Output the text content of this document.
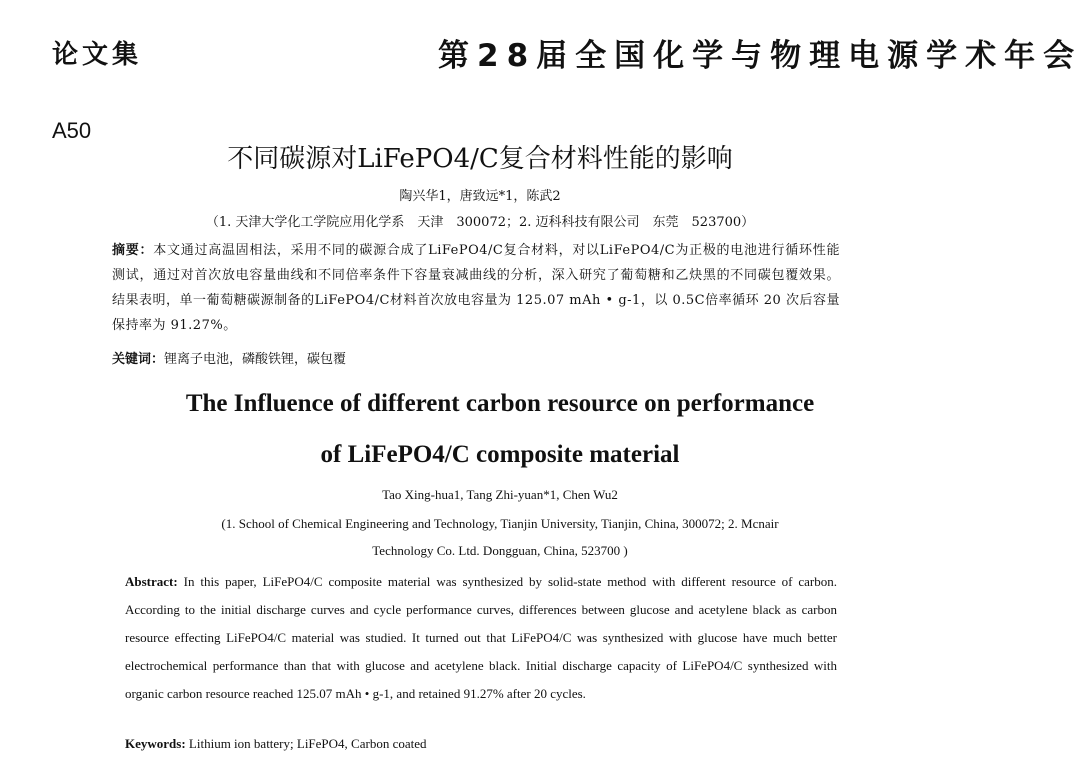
论文集	第28届全国化学与物理电源学术年会
A50
不同碳源对LiFePO4/C复合材料性能的影响
陶兴华1，唐致远*1，陈武2
（1. 天津大学化工学院应用化学系　天津　300072；2. 迈科科技有限公司　东莞　523700）
摘要：本文通过高温固相法，采用不同的碳源合成了LiFePO4/C复合材料，对以LiFePO4/C为正极的电池进行循环性能测试，通过对首次放电容量曲线和不同倍率条件下容量衰减曲线的分析，深入研究了葡萄糖和乙炔黑的不同碳包覆效果。结果表明，单一葡萄糖碳源制备的LiFePO4/C材料首次放电容量为 125.07 mAh • g-1，以 0.5C倍率循环 20 次后容量保持率为 91.27%。
关键词：锂离子电池，磷酸铁锂，碳包覆
The Influence of different carbon resource on performance
of LiFePO4/C composite material
Tao Xing-hua1, Tang Zhi-yuan*1, Chen Wu2
(1. School of Chemical Engineering and Technology, Tianjin University, Tianjin, China, 300072; 2. Mcnair
Technology Co. Ltd. Dongguan, China, 523700 )
Abstract: In this paper, LiFePO4/C composite material was synthesized by solid-state method with different resource of carbon. According to the initial discharge curves and cycle performance curves, differences between glucose and acetylene black as carbon resource effecting LiFePO4/C material was studied. It turned out that LiFePO4/C was synthesized with glucose have much better electrochemical performance than that with glucose and acetylene black. Initial discharge capacity of LiFePO4/C synthesized with organic carbon resource reached 125.07 mAh • g-1, and retained 91.27% after 20 cycles.
Keywords: Lithium ion battery; LiFePO4, Carbon coated
